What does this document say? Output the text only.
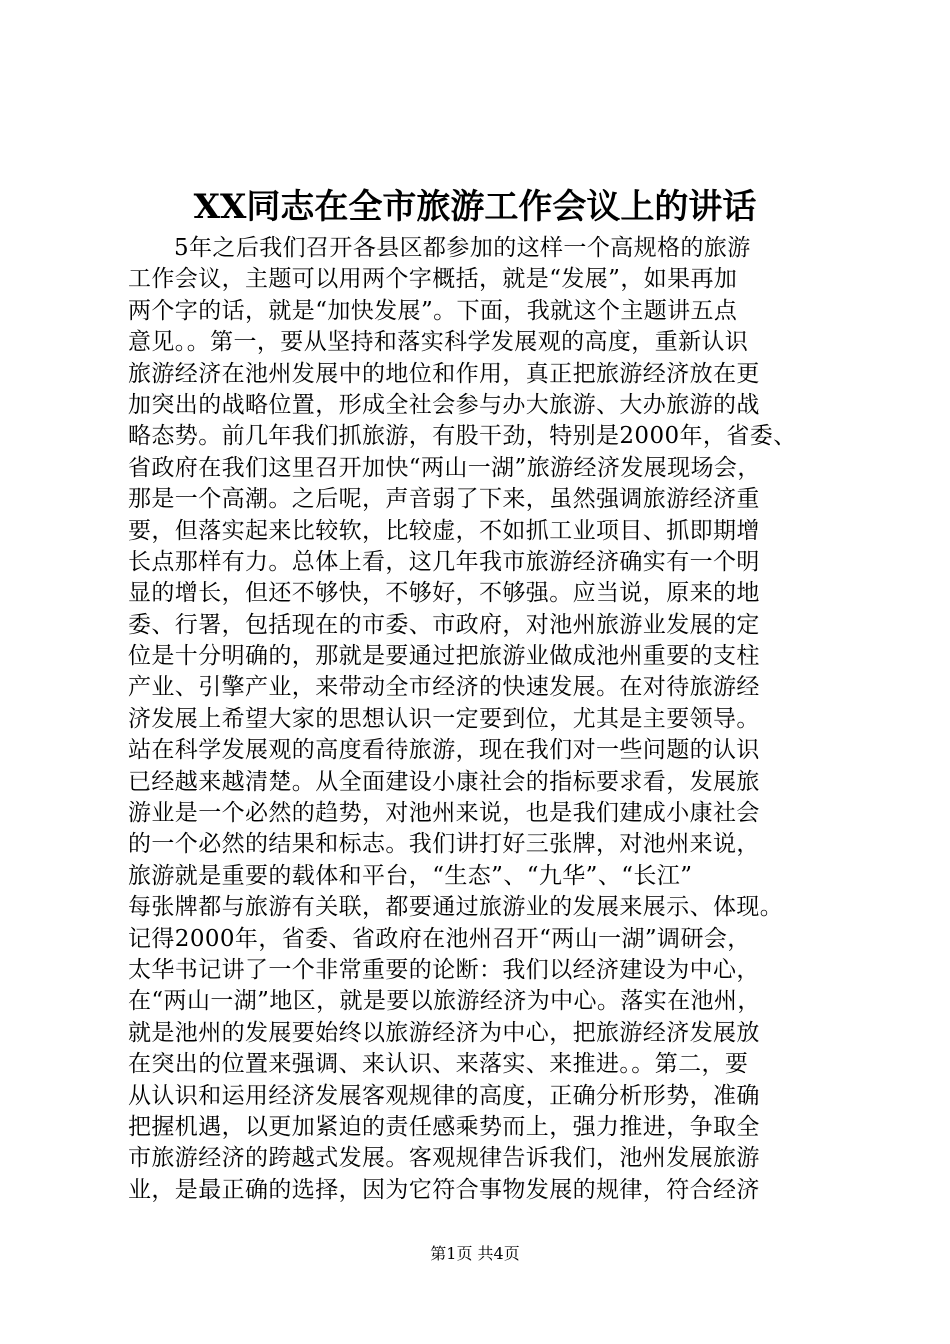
XX同志在全市旅游工作会议上的讲话
5年之后我们召开各县区都参加的这样一个高规格的旅游
工作会议，主题可以用两个字概括，就是“发展”，如果再加
两个字的话，就是“加快发展”。下面，我就这个主题讲五点
意见。。第一，要从坚持和落实科学发展观的高度，重新认识
旅游经济在池州发展中的地位和作用，真正把旅游经济放在更
加突出的战略位置，形成全社会参与办大旅游、大办旅游的战
略态势。前几年我们抓旅游，有股干劲，特别是2000年，省委、
省政府在我们这里召开加快“两山一湖”旅游经济发展现场会，
那是一个高潮。之后呢，声音弱了下来，虽然强调旅游经济重
要，但落实起来比较软，比较虚，不如抓工业项目、抓即期增
长点那样有力。总体上看，这几年我市旅游经济确实有一个明
显的增长，但还不够快，不够好，不够强。应当说，原来的地
委、行署，包括现在的市委、市政府，对池州旅游业发展的定
位是十分明确的，那就是要通过把旅游业做成池州重要的支柱
产业、引擎产业，来带动全市经济的快速发展。在对待旅游经
济发展上希望大家的思想认识一定要到位，尤其是主要领导。
站在科学发展观的高度看待旅游，现在我们对一些问题的认识
已经越来越清楚。从全面建设小康社会的指标要求看，发展旅
游业是一个必然的趋势，对池州来说，也是我们建成小康社会
的一个必然的结果和标志。我们讲打好三张牌，对池州来说，
旅游就是重要的载体和平台，“生态”、“九华”、“长江”
每张牌都与旅游有关联，都要通过旅游业的发展来展示、体现。
记得2000年，省委、省政府在池州召开“两山一湖”调研会，
太华书记讲了一个非常重要的论断：我们以经济建设为中心，
在“两山一湖”地区，就是要以旅游经济为中心。落实在池州，
就是池州的发展要始终以旅游经济为中心，把旅游经济发展放
在突出的位置来强调、来认识、来落实、来推进。。第二，要
从认识和运用经济发展客观规律的高度，正确分析形势，准确
把握机遇，以更加紧迫的责任感乘势而上，强力推进，争取全
市旅游经济的跨越式发展。客观规律告诉我们，池州发展旅游
业，是最正确的选择，因为它符合事物发展的规律，符合经济
第1页 共4页
